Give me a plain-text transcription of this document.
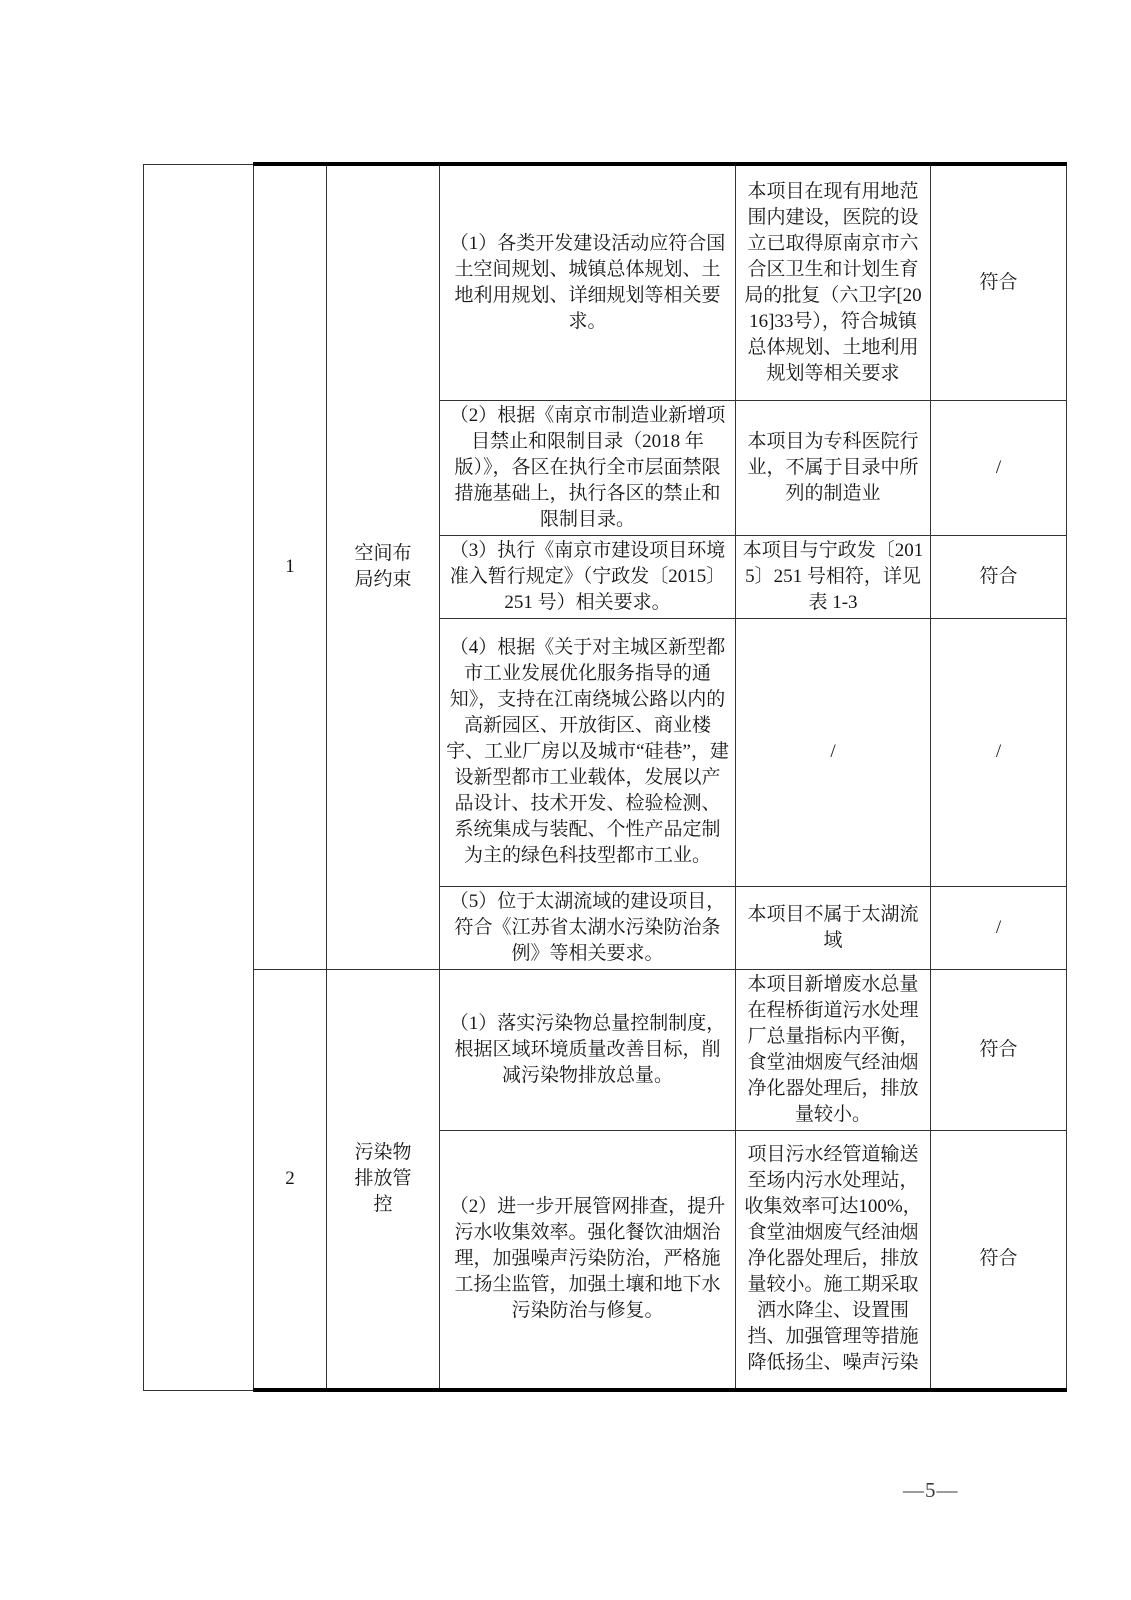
	1	空间布局约束	（1）各类开发建设活动应符合国土空间规划、城镇总体规划、土地利用规划、详细规划等相关要求。	本项目在现有用地范围内建设，医院的设立已取得原南京市六合区卫生和计划生育局的批复（六卫字[2016]33号），符合城镇总体规划、土地利用规划等相关要求	符合
			（2）根据《南京市制造业新增项目禁止和限制目录（2018 年版）》，各区在执行全市层面禁限措施基础上，执行各区的禁止和限制目录。	本项目为专科医院行业，不属于目录中所列的制造业	/
			（3）执行《南京市建设项目环境准入暂行规定》（宁政发〔2015〕251 号）相关要求。	本项目与宁政发〔2015〕251 号相符，详见表 1-3	符合
			（4）根据《关于对主城区新型都市工业发展优化服务指导的通知》，支持在江南绕城公路以内的高新园区、开放街区、商业楼宇、工业厂房以及城市“硅巷”，建设新型都市工业载体，发展以产品设计、技术开发、检验检测、系统集成与装配、个性产品定制为主的绿色科技型都市工业。	/	/
			（5）位于太湖流域的建设项目，符合《江苏省太湖水污染防治条例》等相关要求。	本项目不属于太湖流域	/
	2	污染物排放管控	（1）落实污染物总量控制制度，根据区域环境质量改善目标，削减污染物排放总量。	本项目新增废水总量在程桥街道污水处理厂总量指标内平衡，食堂油烟废气经油烟净化器处理后，排放量较小。	符合
			（2）进一步开展管网排查，提升污水收集效率。强化餐饮油烟治理，加强噪声污染防治，严格施工扬尘监管，加强土壤和地下水污染防治与修复。	项目污水经管道输送至场内污水处理站，收集效率可达100%，食堂油烟废气经油烟净化器处理后，排放量较小。施工期采取洒水降尘、设置围挡、加强管理等措施降低扬尘、噪声污染	符合
—5—
